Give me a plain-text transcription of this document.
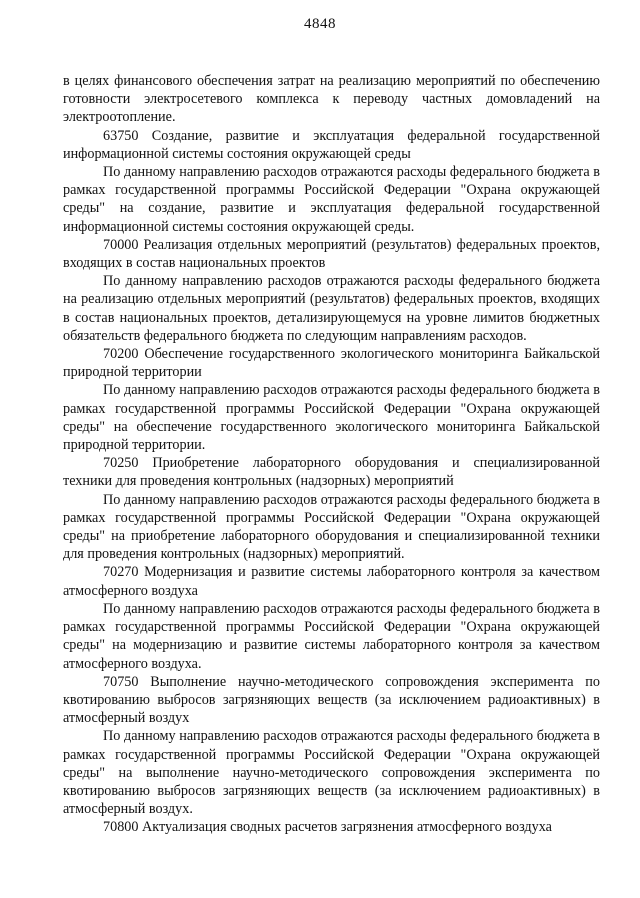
4848

в целях финансового обеспечения затрат на реализацию мероприятий по обеспечению готовности электросетевого комплекса к переводу частных домовладений на электроотопление.

63750 Создание, развитие и эксплуатация федеральной государственной информационной системы состояния окружающей среды

По данному направлению расходов отражаются расходы федерального бюджета в рамках государственной программы Российской Федерации "Охрана окружающей среды" на создание, развитие и эксплуатация федеральной государственной информационной системы состояния окружающей среды.

70000 Реализация отдельных мероприятий (результатов) федеральных проектов, входящих в состав национальных проектов

По данному направлению расходов отражаются расходы федерального бюджета на реализацию отдельных мероприятий (результатов) федеральных проектов, входящих в состав национальных проектов, детализирующемуся на уровне лимитов бюджетных обязательств федерального бюджета по следующим направлениям расходов.

70200 Обеспечение государственного экологического мониторинга Байкальской природной территории

По данному направлению расходов отражаются расходы федерального бюджета в рамках государственной программы Российской Федерации "Охрана окружающей среды" на обеспечение государственного экологического мониторинга Байкальской природной территории.

70250 Приобретение лабораторного оборудования и специализированной техники для проведения контрольных (надзорных) мероприятий

По данному направлению расходов отражаются расходы федерального бюджета в рамках государственной программы Российской Федерации "Охрана окружающей среды" на приобретение лабораторного оборудования и специализированной техники для проведения контрольных (надзорных) мероприятий.

70270 Модернизация и развитие системы лабораторного контроля за качеством атмосферного воздуха

По данному направлению расходов отражаются расходы федерального бюджета в рамках государственной программы Российской Федерации "Охрана окружающей среды" на модернизацию и развитие системы лабораторного контроля за качеством атмосферного воздуха.

70750 Выполнение научно-методического сопровождения эксперимента по квотированию выбросов загрязняющих веществ (за исключением радиоактивных) в атмосферный воздух

По данному направлению расходов отражаются расходы федерального бюджета в рамках государственной программы Российской Федерации "Охрана окружающей среды" на выполнение научно-методического сопровождения эксперимента по квотированию выбросов загрязняющих веществ (за исключением радиоактивных) в атмосферный воздух.

70800 Актуализация сводных расчетов загрязнения атмосферного воздуха
